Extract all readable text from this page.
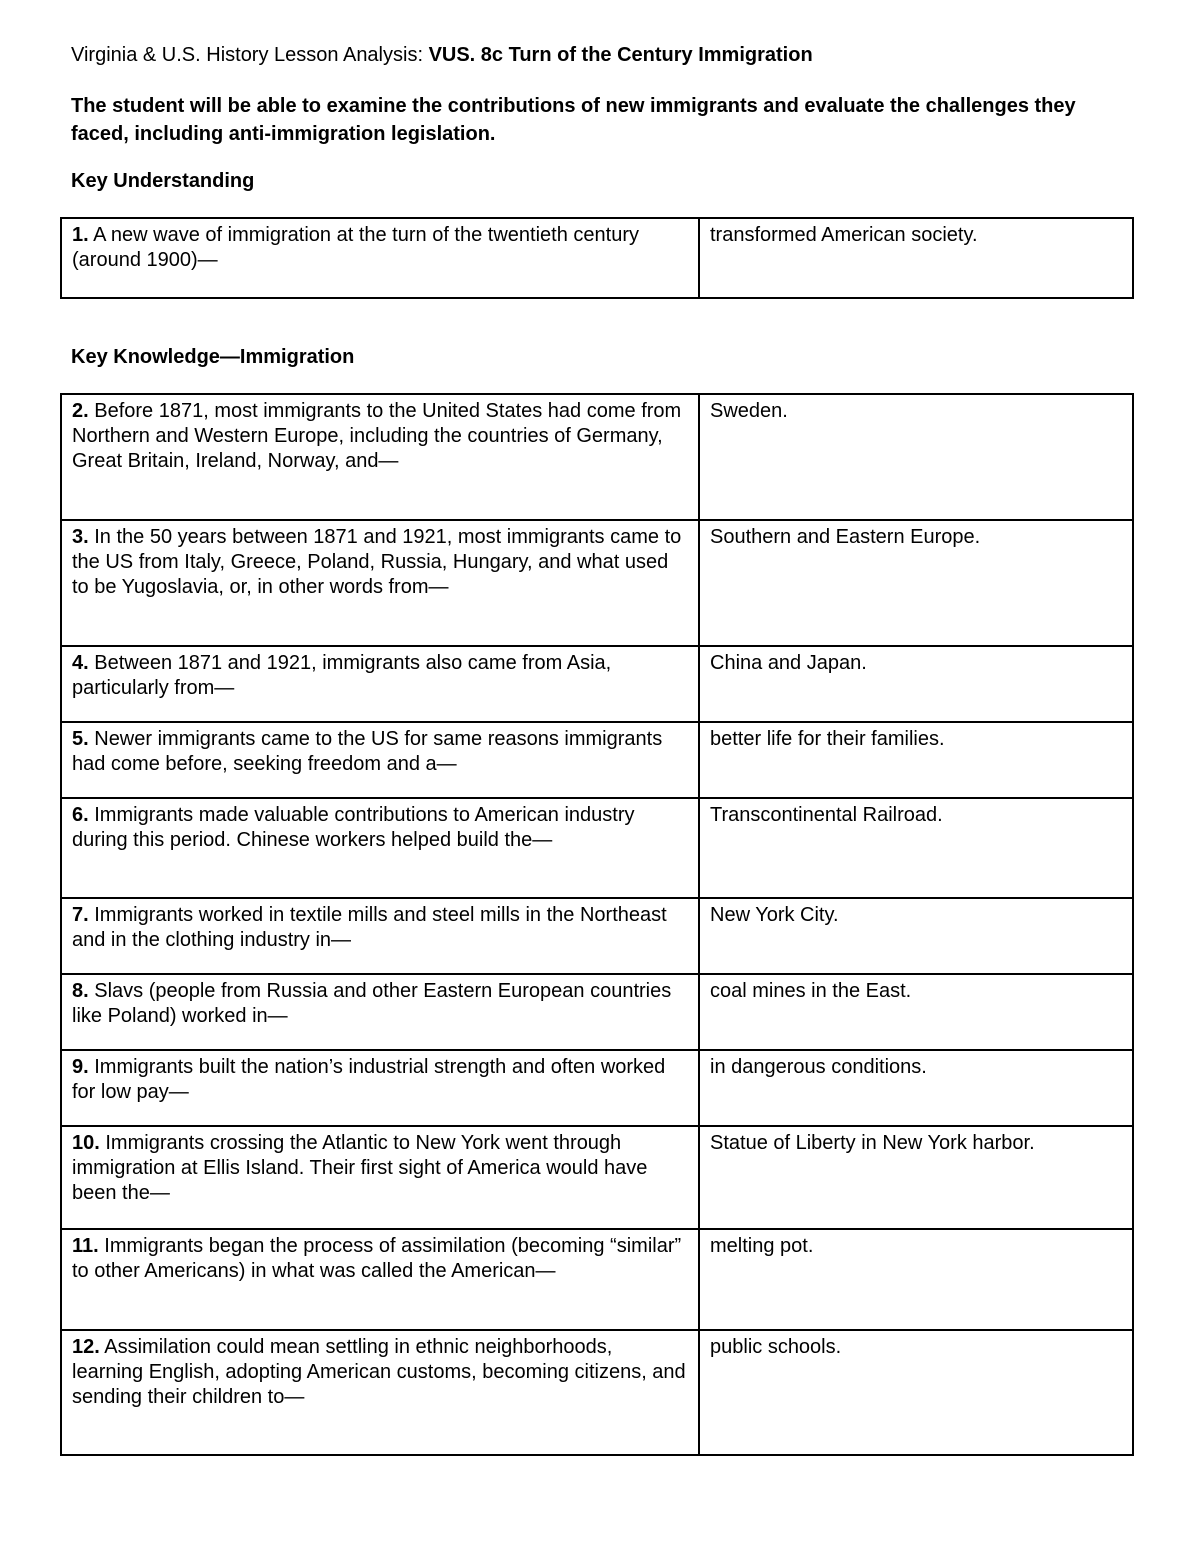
Virginia & U.S. History Lesson Analysis: VUS. 8c Turn of the Century Immigration
The student will be able to examine the contributions of new immigrants and evaluate the challenges they faced, including anti-immigration legislation.
Key Understanding
1. A new wave of immigration at the turn of the twentieth century (around 1900)—	transformed American society.
Key Knowledge—Immigration
2. Before 1871, most immigrants to the United States had come from Northern and Western Europe, including the countries of Germany, Great Britain, Ireland, Norway, and—	Sweden.
3. In the 50 years between 1871 and 1921, most immigrants came to the US from Italy, Greece, Poland, Russia, Hungary, and what used to be Yugoslavia, or, in other words from—	Southern and Eastern Europe.
4. Between 1871 and 1921, immigrants also came from Asia, particularly from—	China and Japan.
5. Newer immigrants came to the US for same reasons immigrants had come before, seeking freedom and a—	better life for their families.
6. Immigrants made valuable contributions to American industry during this period. Chinese workers helped build the—	Transcontinental Railroad.
7. Immigrants worked in textile mills and steel mills in the Northeast and in the clothing industry in—	New York City.
8. Slavs (people from Russia and other Eastern European countries like Poland) worked in—	coal mines in the East.
9. Immigrants built the nation’s industrial strength and often worked for low pay—	in dangerous conditions.
10. Immigrants crossing the Atlantic to New York went through immigration at Ellis Island. Their first sight of America would have been the—	Statue of Liberty in New York harbor.
11. Immigrants began the process of assimilation (becoming “similar” to other Americans) in what was called the American—	melting pot.
12. Assimilation could mean settling in ethnic neighborhoods, learning English, adopting American customs, becoming citizens, and sending their children to—	public schools.
